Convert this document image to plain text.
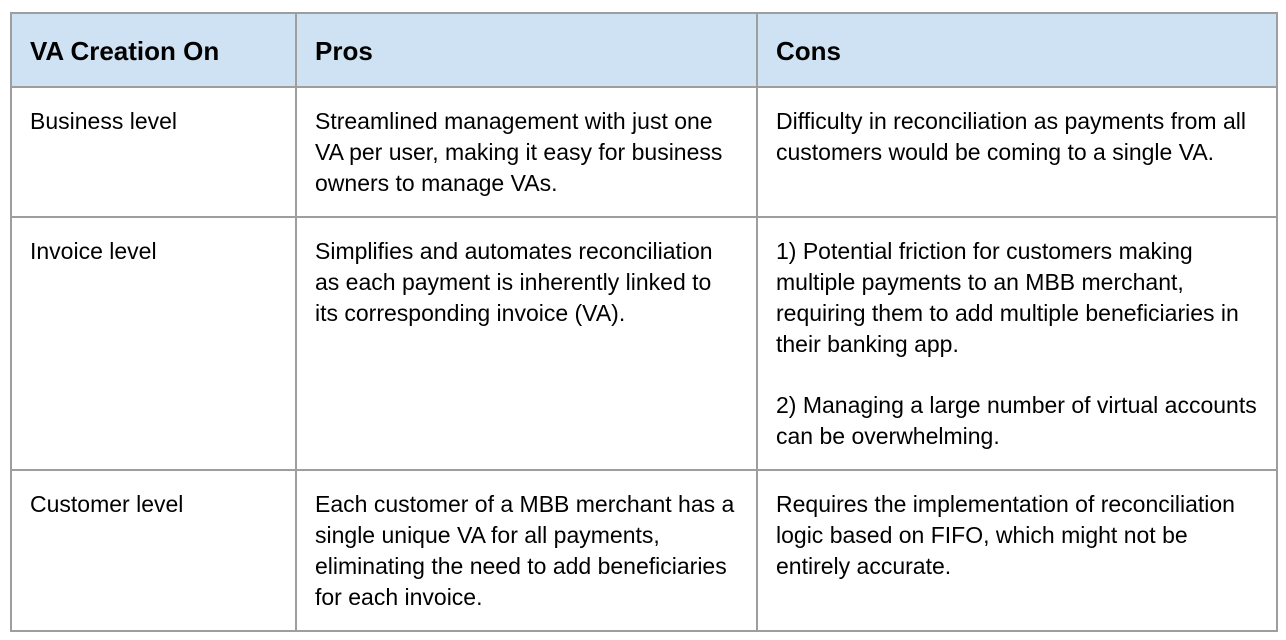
VA Creation On	Pros	Cons

Business level	Streamlined management with just one VA per user, making it easy for business owners to manage VAs.	Difficulty in reconciliation as payments from all customers would be coming to a single VA.

Invoice level	Simplifies and automates reconciliation as each payment is inherently linked to its corresponding invoice (VA).	1) Potential friction for customers making multiple payments to an MBB merchant, requiring them to add multiple beneficiaries in their banking app.
2) Managing a large number of virtual accounts can be overwhelming.

Customer level	Each customer of a MBB merchant has a single unique VA for all payments, eliminating the need to add beneficiaries for each invoice.	Requires the implementation of reconciliation logic based on FIFO, which might not be entirely accurate.
